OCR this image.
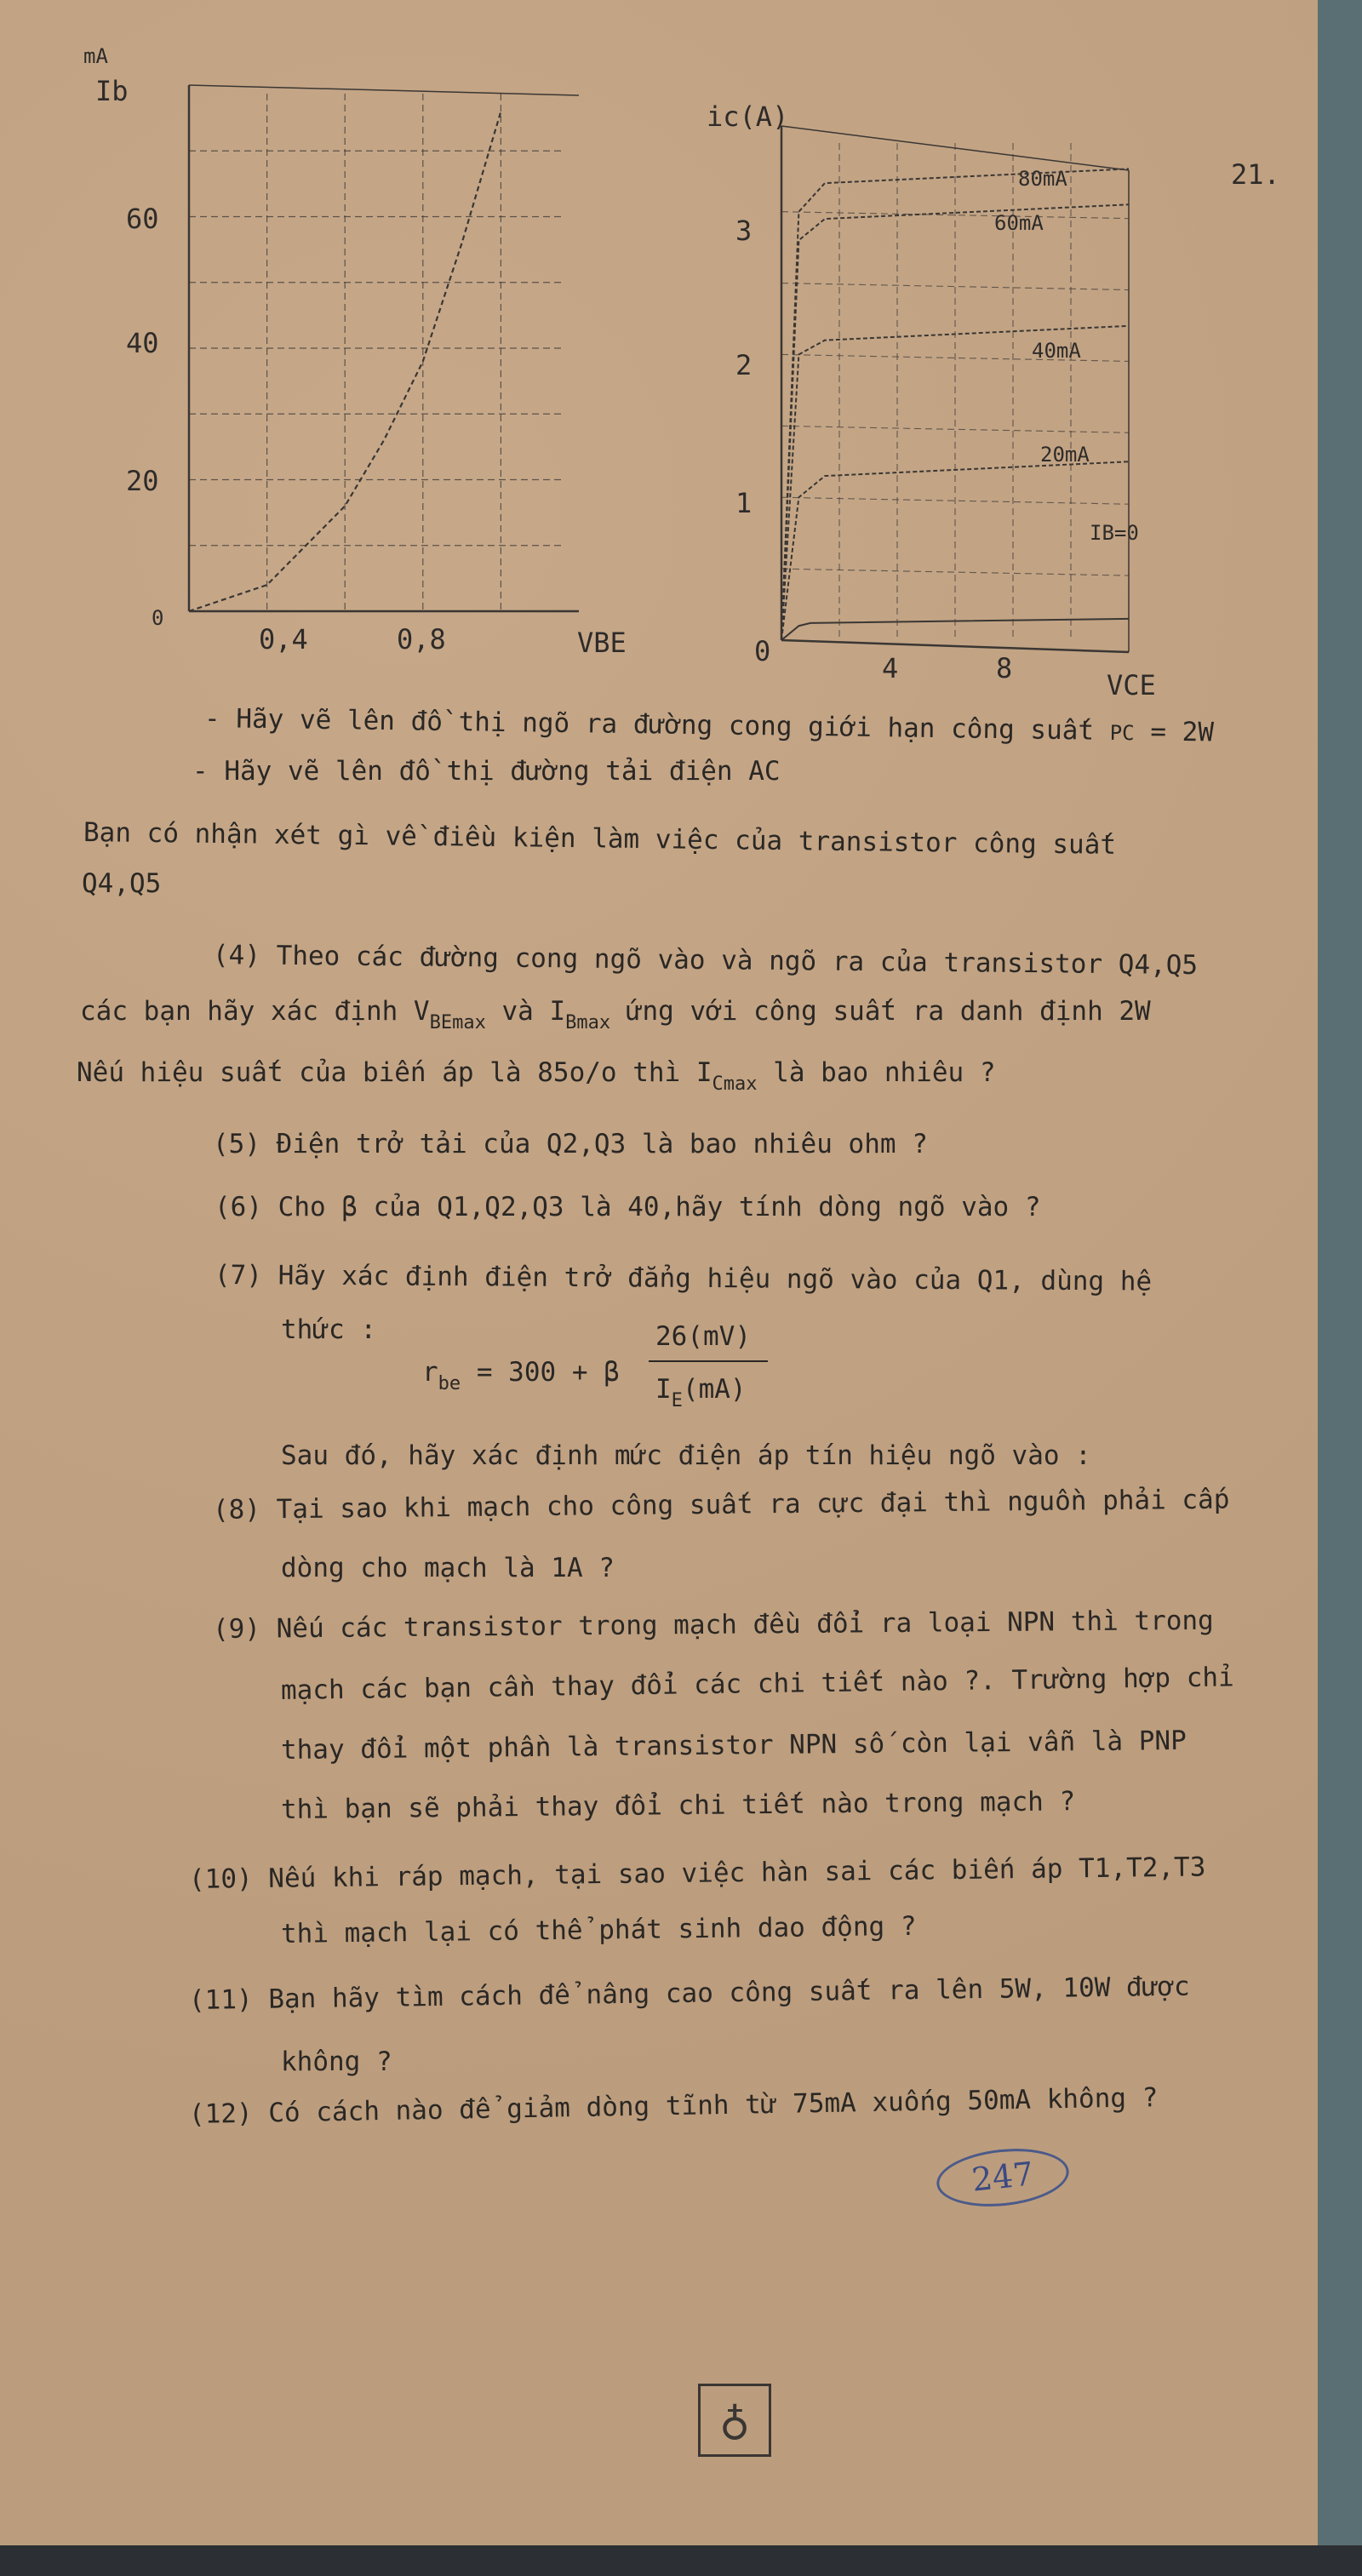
mA
Ib
60
40
20
0
0,4	0,8	VBE
ic(A)
3
2
1
0
4	8
VCE
21.
80mA
60mA
40mA
20mA
IB=0
- Hãy vẽ lên đồ thị ngõ ra đường cong giới hạn công suất PC = 2W
- Hãy vẽ lên đồ thị đường tải điện AC
Bạn có nhận xét gì về điều kiện làm việc của transistor công suất
Q4,Q5
(4) Theo các đường cong ngõ vào và ngõ ra của transistor Q4,Q5
các bạn hãy xác định $V_{BEmax}$ và $I_{Bmax}$ ứng với công suất ra danh định 2W
Nếu hiệu suất của biến áp là 85o/o thì $I_{Cmax}$ là bao nhiêu ?
(5) Điện trở tải của Q2,Q3 là bao nhiêu ohm ?
(6) Cho β của Q1,Q2,Q3 là 40,hãy tính dòng ngõ vào ?
(7) Hãy xác định điện trở đẳng hiệu ngõ vào của Q1, dùng hệ
thức :
$r_{be} = 300 + \beta$
26(mV)
$I_E(mA)$
Sau đó, hãy xác định mức điện áp tín hiệu ngõ vào :
(8) Tại sao khi mạch cho công suất ra cực đại thì nguồn phải cấp
dòng cho mạch là 1A ?
(9) Nếu các transistor trong mạch đều đổi ra loại NPN thì trong
mạch các bạn cần thay đổi các chi tiết nào ?. Trường hợp chỉ
thay đổi một phần là transistor NPN số còn lại vẫn là PNP
thì bạn sẽ phải thay đổi chi tiết nào trong mạch ?
(10) Nếu khi ráp mạch, tại sao việc hàn sai các biến áp T1,T2,T3
thì mạch lại có thể phát sinh dao động ?
(11) Bạn hãy tìm cách để nâng cao công suất ra lên 5W, 10W được
không ?
(12) Có cách nào để giảm dòng tĩnh từ 75mA xuống 50mA không ?
247
♁
